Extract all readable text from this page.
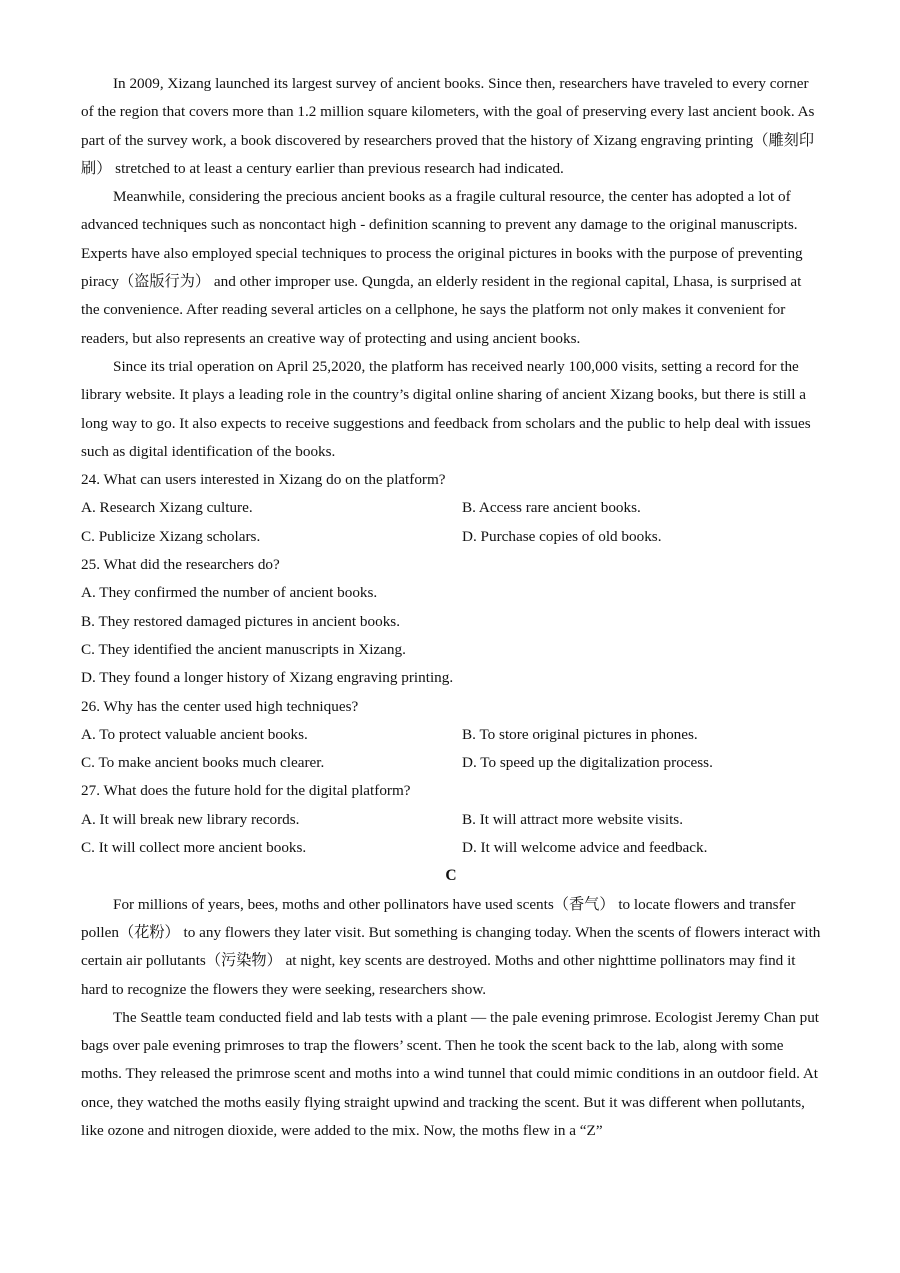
In 2009, Xizang launched its largest survey of ancient books. Since then, researchers have traveled to every corner of the region that covers more than 1.2 million square kilometers, with the goal of preserving every last ancient book. As part of the survey work, a book discovered by researchers proved that the history of Xizang engraving printing（雕刻印刷） stretched to at least a century earlier than previous research had indicated.

Meanwhile, considering the precious ancient books as a fragile cultural resource, the center has adopted a lot of advanced techniques such as noncontact high - definition scanning to prevent any damage to the original manuscripts. Experts have also employed special techniques to process the original pictures in books with the purpose of preventing piracy（盗版行为） and other improper use. Qungda, an elderly resident in the regional capital, Lhasa, is surprised at the convenience. After reading several articles on a cellphone, he says the platform not only makes it convenient for readers, but also represents an creative way of protecting and using ancient books.

Since its trial operation on April 25,2020, the platform has received nearly 100,000 visits, setting a record for the library website. It plays a leading role in the country’s digital online sharing of ancient Xizang books, but there is still a long way to go. It also expects to receive suggestions and feedback from scholars and the public to help deal with issues such as digital identification of the books.

24. What can users interested in Xizang do on the platform?

A. Research Xizang culture.	B. Access rare ancient books.
C. Publicize Xizang scholars.	D. Purchase copies of old books.

25. What did the researchers do?

A. They confirmed the number of ancient books.

B. They restored damaged pictures in ancient books.

C. They identified the ancient manuscripts in Xizang.

D. They found a longer history of Xizang engraving printing.

26. Why has the center used high techniques?

A. To protect valuable ancient books.	B. To store original pictures in phones.
C. To make ancient books much clearer.	D. To speed up the digitalization process.

27. What does the future hold for the digital platform?

A. It will break new library records.	B. It will attract more website visits.
C. It will collect more ancient books.	D. It will welcome advice and feedback.

C

For millions of years, bees, moths and other pollinators have used scents（香气） to locate flowers and transfer pollen（花粉） to any flowers they later visit. But something is changing today. When the scents of flowers interact with certain air pollutants（污染物） at night, key scents are destroyed. Moths and other nighttime pollinators may find it hard to recognize the flowers they were seeking, researchers show.

The Seattle team conducted field and lab tests with a plant — the pale evening primrose. Ecologist Jeremy Chan put bags over pale evening primroses to trap the flowers’ scent. Then he took the scent back to the lab, along with some moths. They released the primrose scent and moths into a wind tunnel that could mimic conditions in an outdoor field. At once, they watched the moths easily flying straight upwind and tracking the scent. But it was different when pollutants, like ozone and nitrogen dioxide, were added to the mix. Now, the moths flew in a “Z”
